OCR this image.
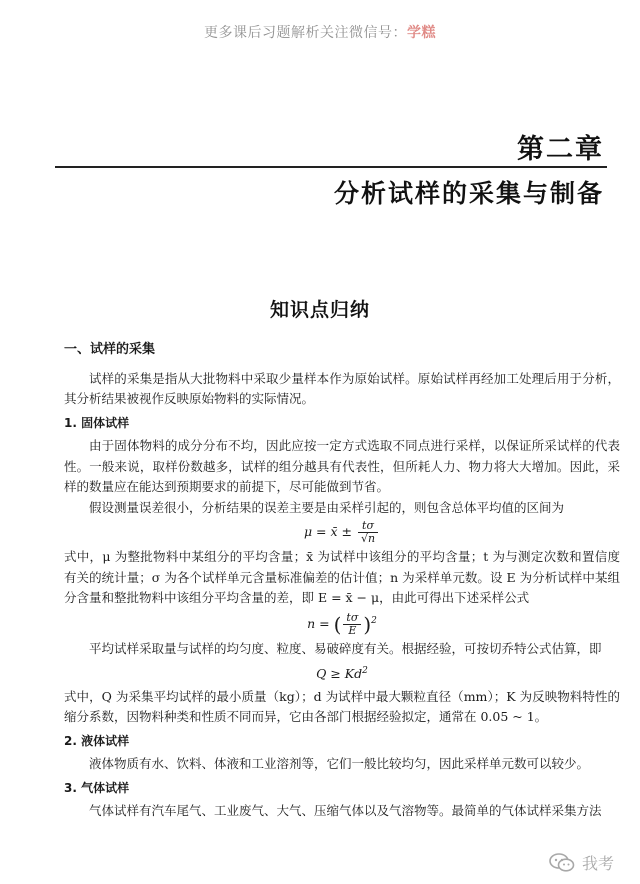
更多课后习题解析关注微信号：学糕
第二章
分析试样的采集与制备
知识点归纳
一、试样的采集

试样的采集是指从大批物料中采取少量样本作为原始试样。原始试样再经加工处理后用于分析，其分析结果被视作反映原始物料的实际情况。

1. 固体试样

由于固体物料的成分分布不均，因此应按一定方式选取不同点进行采样，以保证所采试样的代表性。一般来说，取样份数越多，试样的组分越具有代表性，但所耗人力、物力将大大增加。因此，采样的数量应在能达到预期要求的前提下，尽可能做到节省。

假设测量误差很小，分析结果的误差主要是由采样引起的，则包含总体平均值的区间为

μ = x̄ ± $\frac{t\sigma}{√n}$

式中，μ 为整批物料中某组分的平均含量；x̄ 为试样中该组分的平均含量；t 为与测定次数和置信度有关的统计量；σ 为各个试样单元含量标准偏差的估计值；n 为采样单元数。设 E 为分析试样中某组分含量和整批物料中该组分平均含量的差，即 E = x̄ − μ，由此可得出下述采样公式

n = ( $\frac{t\sigma}{E} )^2$

平均试样采取量与试样的均匀度、粒度、易破碎度有关。根据经验，可按切乔特公式估算，即

$Q \ge Kd^2$

式中，Q 为采集平均试样的最小质量（kg）；d 为试样中最大颗粒直径（mm）；K 为反映物料特性的缩分系数，因物料种类和性质不同而异，它由各部门根据经验拟定，通常在 0.05 ~ 1。

2. 液体试样

液体物质有水、饮料、体液和工业溶剂等，它们一般比较均匀，因此采样单元数可以较少。

3. 气体试样

气体试样有汽车尾气、工业废气、大气、压缩气体以及气溶物等。最简单的气体试样采集方法

我考
